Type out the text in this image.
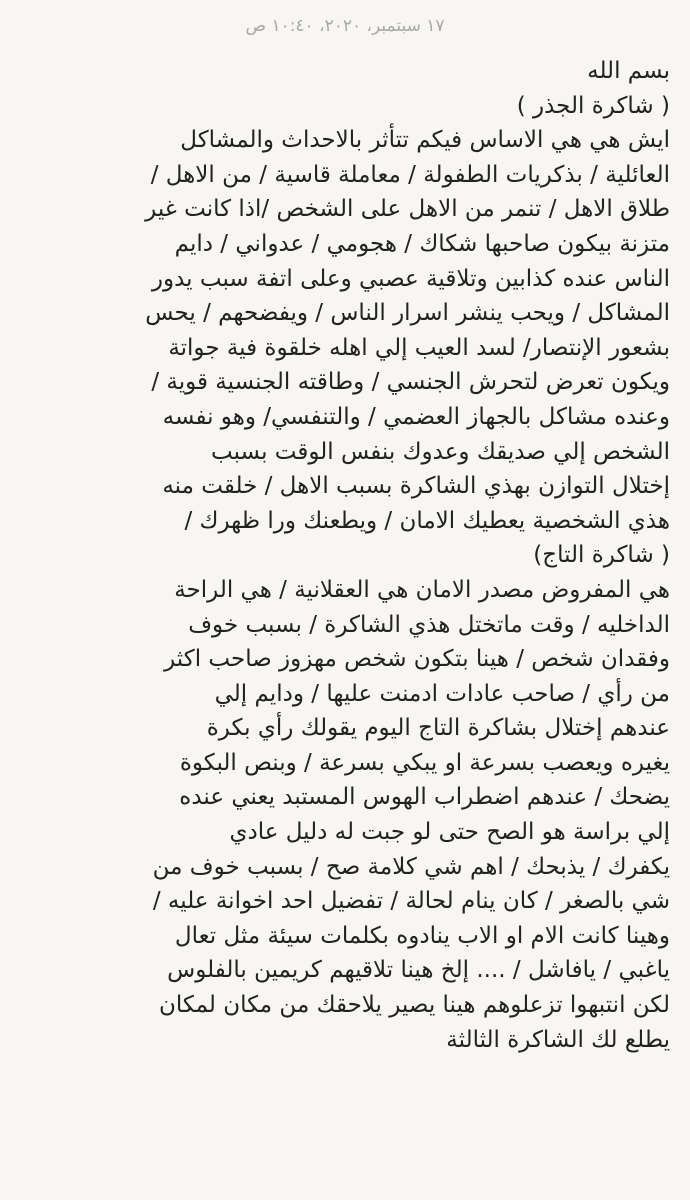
١٧ سبتمبر، ٢٠٢٠، ١٠:٤٠ ص
بسم الله
( شاكرة الجذر )
ايش هي هي الاساس فيكم تتأثر بالاحداث والمشاكل
العائلية / بذكريات الطفولة / معاملة قاسية / من الاهل /
طلاق الاهل / تنمر من الاهل على الشخص /اذا كانت غير
متزنة بيكون صاحبها شكاك / هجومي / عدواني / دايم
الناس عنده كذابين وتلاقية عصبي وعلى اتفة سبب يدور
المشاكل / ويحب ينشر اسرار الناس / ويفضحهم / يحس
بشعور الإنتصار/ لسد العيب إلي اهله خلقوة فية جواتة
ويكون تعرض لتحرش الجنسي / وطاقته الجنسية قوية /
وعنده مشاكل بالجهاز العضمي / والتنفسي/ وهو نفسه
الشخص إلي صديقك وعدوك بنفس الوقت بسبب
إختلال التوازن بهذي الشاكرة بسبب الاهل / خلقت منه
هذي الشخصية يعطيك الامان / ويطعنك ورا ظهرك /
( شاكرة التاج)
هي المفروض مصدر الامان هي العقلانية / هي الراحة
الداخليه / وقت ماتختل هذي الشاكرة / بسبب خوف
وفقدان شخص / هينا بتكون شخص مهزوز صاحب اكثر
من رأي / صاحب عادات ادمنت عليها / ودايم إلي
عندهم إختلال بشاكرة التاج اليوم يقولك رأي بكرة
يغيره ويعصب بسرعة او يبكي بسرعة / وبنص البكوة
يضحك / عندهم اضطراب الهوس المستبد يعني عنده
إلي براسة هو الصح حتى لو جبت له دليل عادي
يكفرك / يذبحك / اهم شي كلامة صح / بسبب خوف من
شي بالصغر / كان ينام لحالة / تفضيل احد اخوانة عليه /
وهينا كانت الام او الاب ينادوه بكلمات سيئة مثل تعال
ياغبي / يافاشل / .... إلخ هينا تلاقيهم كريمين بالفلوس
لكن انتبهوا تزعلوهم هينا يصير يلاحقك من مكان لمكان
يطلع لك الشاكرة الثالثة
